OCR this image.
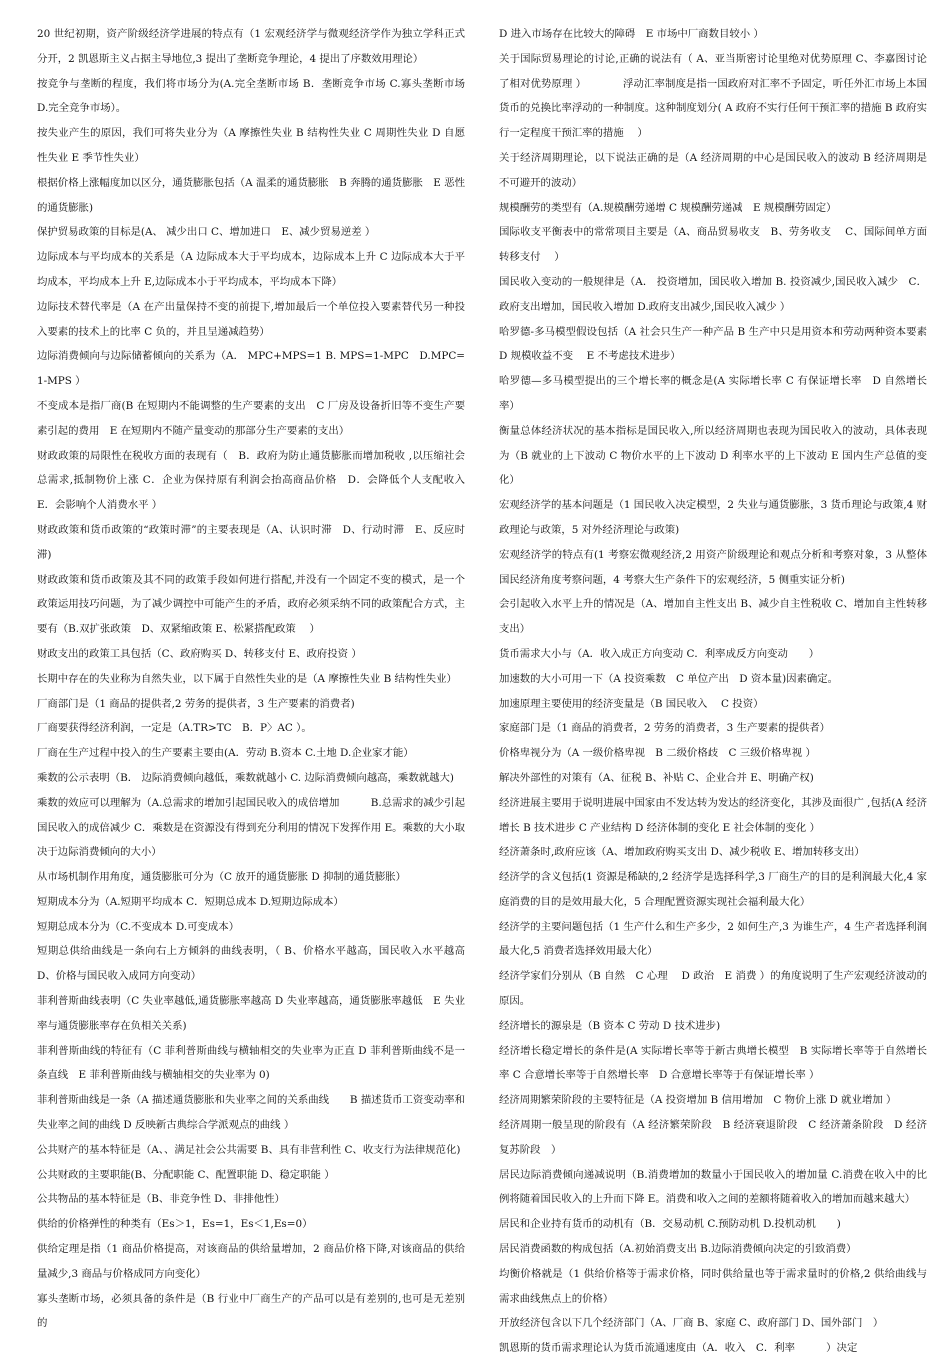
20 世纪初期，资产阶级经济学进展的特点有（1 宏观经济学与微观经济学作为独立学科正式分开，2 凯恩斯主义占据主导地位,3 提出了垄断竞争理论，4 提出了序数效用理论）

按竞争与垄断的程度，我们将市场分为(A.完全垄断市场 B．垄断竞争市场 C.寡头垄断市场 D.完全竞争市场）。

按失业产生的原因，我们可将失业分为（A 摩擦性失业 B 结构性失业 C 周期性失业 D 自愿性失业 E 季节性失业）

根据价格上涨幅度加以区分，通货膨胀包括（A 温柔的通货膨胀　B 奔腾的通货膨胀　E 恶性的通货膨胀)

保护贸易政策的目标是(A、 减少出口 C、增加进口　E、减少贸易逆差 ）

边际成本与平均成本的关系是（A 边际成本大于平均成本，边际成本上升 C 边际成本大于平均成本，平均成本上升 E,边际成本小于平均成本，平均成本下降）

边际技术替代率是（A 在产出量保持不变的前提下,增加最后一个单位投入要素替代另一种投入要素的技术上的比率 C 负的，并且呈递减趋势）

边际消费倾向与边际储蓄倾向的关系为（A． MPC+MPS=1 B. MPS=1-MPC　D.MPC=1-MPS ）

不变成本是指厂商(B 在短期内不能调整的生产要素的支出　C 厂房及设备折旧等不变生产要素引起的费用　E 在短期内不随产量变动的那部分生产要素的支出）

财政政策的局限性在税收方面的表现有（　B．政府为防止通货膨胀而增加税收 ,以压缩社会总需求,抵制物价上涨 C．企业为保持原有利润会抬高商品价格　D．会降低个人支配收入　E．会影响个人消费水平 ）

财政政策和货币政策的“政策时滞”的主要表现是（A、认识时滞　D、行动时滞　E、反应时滞)

财政政策和货币政策及其不同的政策手段如何进行搭配,并没有一个固定不变的模式，是一个政策运用技巧问题，为了减少调控中可能产生的矛盾，政府必须采纳不同的政策配合方式，主要有（B.双扩张政策　D、双紧缩政策 E、松紧搭配政策　 ）

财政支出的政策工具包括（C、政府购买 D、转移支付 E、政府投资 ）

长期中存在的失业称为自然失业，以下属于自然性失业的是（A 摩擦性失业 B 结构性失业）

厂商部门是（1 商品的提供者,2 劳务的提供者，3 生产要素的消费者)

厂商要获得经济利润，一定是（A.TR>TC　B．P〉AC ）。

厂商在生产过程中投入的生产要素主要由(A．劳动 B.资本 C.土地 D.企业家才能）

乘数的公示表明（B． 边际消费倾向越低，乘数就越小 C. 边际消费倾向越高，乘数就越大)

乘数的效应可以理解为（A.总需求的增加引起国民收入的成倍增加　　　B.总需求的减少引起国民收入的成倍减少 C．乘数是在资源没有得到充分利用的情况下发挥作用 E。乘数的大小取决于边际消费倾向的大小）

从市场机制作用角度，通货膨胀可分为（C 放开的通货膨胀 D 抑制的通货膨胀）

短期成本分为（A.短期平均成本 C．短期总成本 D.短期边际成本）

短期总成本分为（C.不变成本 D.可变成本）

短期总供给曲线是一条向右上方倾斜的曲线表明，（ B、价格水平越高，国民收入水平越高 D、价格与国民收入成同方向变动）

菲利普斯曲线表明（C 失业率越低,通货膨胀率越高 D 失业率越高，通货膨胀率越低　E 失业率与通货膨胀率存在负相关关系)

菲利普斯曲线的特征有（C 菲利普斯曲线与横轴相交的失业率为正直 D 菲利普斯曲线不是一条直线　E 菲利普斯曲线与横轴相交的失业率为 0)

菲利普斯曲线是一条（A 描述通货膨胀和失业率之间的关系曲线　　B 描述货币工资变动率和失业率之间的曲线 D 反映新古典综合学派观点的曲线 ）

公共财产的基本特征是（A、、满足社会公共需要 B、具有非营利性 C、收支行为法律规范化)

公共财政的主要职能(B、分配职能 C、配置职能 D、稳定职能 ）

公共物品的基本特征是（B、非竞争性 D、非排他性）

供给的价格弹性的种类有（Es＞1，Es=1，Es＜1,Es=0）

供给定理是指（1 商品价格提高，对该商品的供给量增加，2 商品价格下降,对该商品的供给量减少,3 商品与价格成同方向变化）

寡头垄断市场，必须具备的条件是（B 行业中厂商生产的产品可以是有差别的,也可是无差别的

D 进入市场存在比较大的障碍　E 市场中厂商数目较小 ）

关于国际贸易理论的讨论,正确的说法有（ A、亚当斯密讨论里绝对优势原理 C、李嘉图讨论了相对优势原理 ）　　　　浮动汇率制度是指一国政府对汇率不予固定，听任外汇市场上本国货币的兑换比率浮动的一种制度。这种制度划分( A 政府不实行任何干预汇率的措施 B 政府实行一定程度干预汇率的措施　 ）

关于经济周期理论，以下说法正确的是（A 经济周期的中心是国民收入的波动 B 经济周期是不可避开的波动）

规模酬劳的类型有（A.规模酬劳递增 C 规模酬劳递减　E 规模酬劳固定）

国际收支平衡表中的常常项目主要是（A、商品贸易收支　B、劳务收支　 C、国际间单方面转移支付　 ）

国民收入变动的一般规律是（A． 投资增加，国民收入增加 B. 投资减少,国民收入减少　C．政府支出增加，国民收入增加 D.政府支出减少,国民收入减少 ）

哈罗德-多马模型假设包括（A 社会只生产一种产品 B 生产中只是用资本和劳动两种资本要素 D 规模收益不变　 E 不考虑技术进步）

哈罗德—多马模型提出的三个增长率的概念是(A 实际增长率 C 有保证增长率　D 自然增长率）

衡量总体经济状况的基本指标是国民收入,所以经济周期也表现为国民收入的波动，具体表现为（B 就业的上下波动 C 物价水平的上下波动 D 利率水平的上下波动 E 国内生产总值的变化）

宏观经济学的基本问题是（1 国民收入决定模型，2 失业与通货膨胀，3 货币理论与政策,4 财政理论与政策，5 对外经济理论与政策)

宏观经济学的特点有(1 考察宏微观经济,2 用资产阶级理论和观点分析和考察对象，3 从整体国民经济角度考察问题，4 考察大生产条件下的宏观经济，5 侧重实证分析)

会引起收入水平上升的情况是（A、增加自主性支出 B、减少自主性税收 C、增加自主性转移支出）

货币需求大小与（A．收入成正方向变动 C．利率成反方向变动　　）

加速数的大小可用一下（A 投资乘数　C 单位产出　D 资本量)因素确定。

加速原理主要使用的经济变量是（B 国民收入　 C 投资）

家庭部门是（1 商品的消费者，2 劳务的消费者，3 生产要素的提供者）

价格卑视分为（A 一级价格卑视　B 二级价格歧　C 三级价格卑视 ）

解决外部性的对策有（A、征税 B、补贴 C、企业合并 E、明确产权)

经济进展主要用于说明进展中国家由不发达转为发达的经济变化，其涉及面很广 ,包括(A 经济增长 B 技术进步 C 产业结构 D 经济体制的变化 E 社会体制的变化 ）

经济萧条时,政府应该（A、增加政府购买支出 D、减少税收 E、增加转移支出）

经济学的含义包括(1 资源是稀缺的,2 经济学是选择科学,3 厂商生产的目的是利润最大化,4 家庭消费的目的是效用最大化，5 合理配置资源实现社会福利最大化）

经济学的主要问题包括（1 生产什么和生产多少，2 如何生产,3 为谁生产，4 生产者选择利润最大化,5 消费者选择效用最大化）

经济学家们分别从（B 自然　C 心理　 D 政治　E 消费 ）的角度说明了生产宏观经济波动的原因。

经济增长的源泉是（B 资本 C 劳动 D 技术进步)

经济增长稳定增长的条件是(A 实际增长率等于新古典增长模型　B 实际增长率等于自然增长率 C 合意增长率等于自然增长率　D 合意增长率等于有保证增长率 ）

经济周期繁荣阶段的主要特征是（A 投资增加 B 信用增加　C 物价上涨 D 就业增加 ）

经济周期一般呈现的阶段有（A 经济繁荣阶段　B 经济衰退阶段　C 经济萧条阶段　D 经济复苏阶段　）

居民边际消费倾向递减说明（B.消费增加的数量小于国民收入的增加量 C.消费在收入中的比例将随着国民收入的上升而下降 E。消费和收入之间的差额将随着收入的增加而越来越大）

居民和企业持有货币的动机有（B．交易动机 C.预防动机 D.投机动机　　)

居民消费函数的构成包括（A.初始消费支出 B.边际消费倾向决定的引致消费）

均衡价格就是（1 供给价格等于需求价格，同时供给量也等于需求量时的价格,2 供给曲线与需求曲线焦点上的价格）

开放经济包含以下几个经济部门（A、厂商 B、家庭 C、政府部门 D、国外部门　）

凯恩斯的货币需求理论认为货币流通速度由（A．收入　C．利率　　　）决定
